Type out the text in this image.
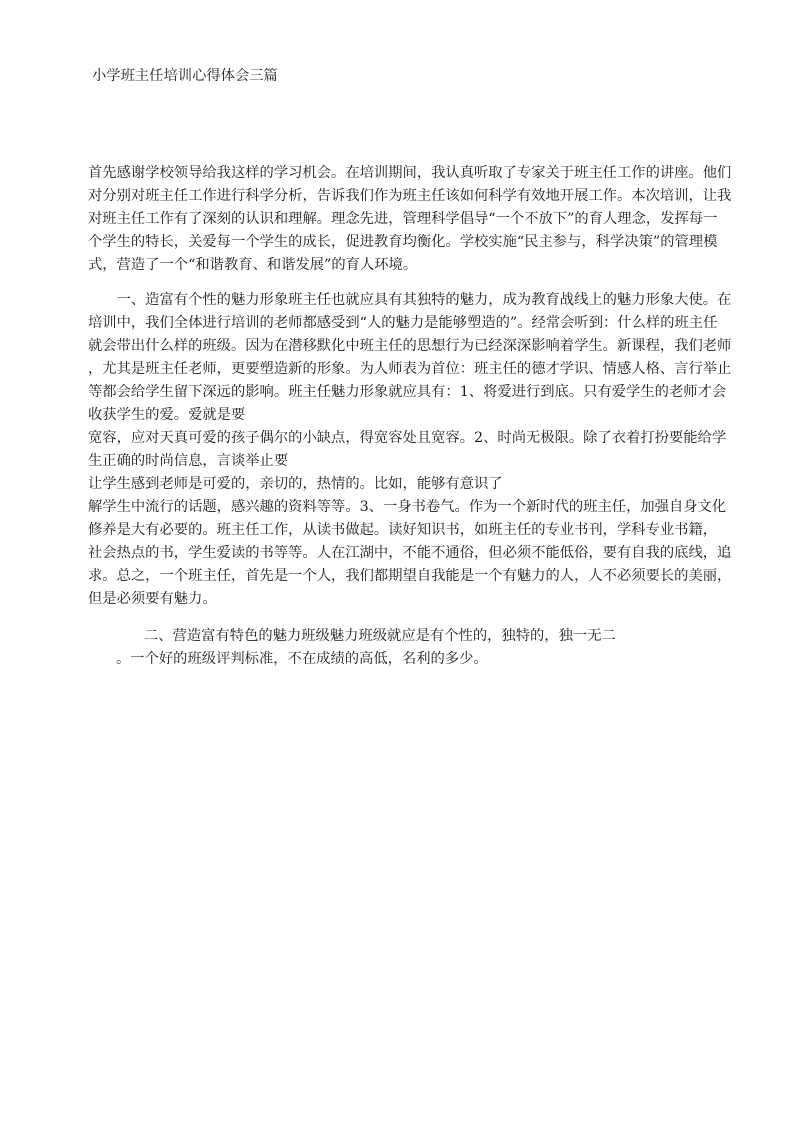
小学班主任培训心得体会三篇
首先感谢学校领导给我这样的学习机会。在培训期间，我认真听取了专家关于班主任工作的讲座。他们
对分别对班主任工作进行科学分析，告诉我们作为班主任该如何科学有效地开展工作。本次培训，让我
对班主任工作有了深刻的认识和理解。理念先进，管理科学倡导“一个不放下”的育人理念，发挥每一
个学生的特长，关爱每一个学生的成长，促进教育均衡化。学校实施“民主参与，科学决策”的管理模
式，营造了一个“和谐教育、和谐发展”的育人环境。
　　一、造富有个性的魅力形象班主任也就应具有其独特的魅力，成为教育战线上的魅力形象大使。在
培训中，我们全体进行培训的老师都感受到“人的魅力是能够塑造的”。经常会听到：什么样的班主任
就会带出什么样的班级。因为在潜移默化中班主任的思想行为已经深深影响着学生。新课程，我们老师
，尤其是班主任老师，更要塑造新的形象。为人师表为首位：班主任的德才学识、情感人格、言行举止
等都会给学生留下深远的影响。班主任魅力形象就应具有：1、将爱进行到底。只有爱学生的老师才会
收获学生的爱。爱就是要
宽容，应对天真可爱的孩子偶尔的小缺点，得宽容处且宽容。2、时尚无极限。除了衣着打扮要能给学
生正确的时尚信息，言谈举止要
让学生感到老师是可爱的，亲切的，热情的。比如，能够有意识了
解学生中流行的话题，感兴趣的资料等等。3、一身书卷气。作为一个新时代的班主任，加强自身文化
修养是大有必要的。班主任工作，从读书做起。读好知识书，如班主任的专业书刊，学科专业书籍，
社会热点的书，学生爱读的书等等。人在江湖中，不能不通俗，但必须不能低俗，要有自我的底线，追
求。总之，一个班主任，首先是一个人，我们都期望自我能是一个有魅力的人，人不必须要长的美丽，
但是必须要有魅力。
二、营造富有特色的魅力班级魅力班级就应是有个性的，独特的，独一无二
。一个好的班级评判标准，不在成绩的高低，名利的多少。
